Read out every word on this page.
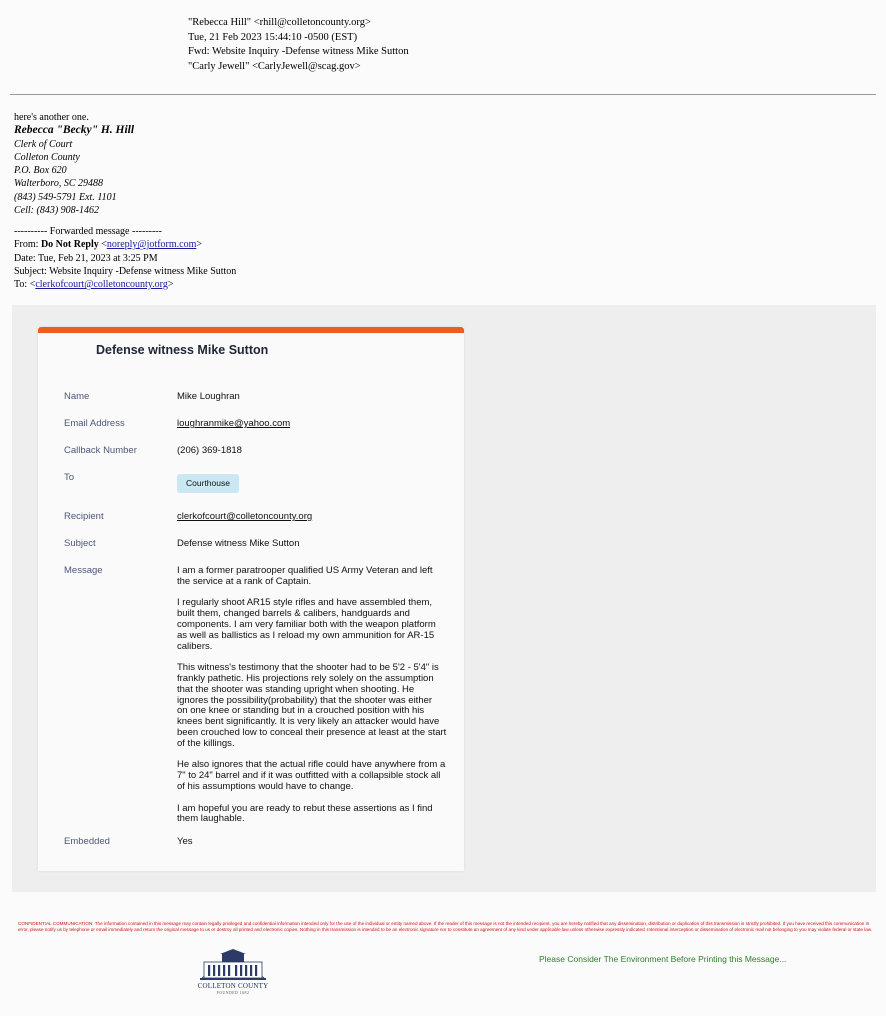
"Rebecca Hill" <rhill@colletoncounty.org>
Tue, 21 Feb 2023 15:44:10 -0500 (EST)
Fwd: Website Inquiry -Defense witness Mike Sutton
"Carly Jewell" <CarlyJewell@scag.gov>
here's another one.
Rebecca "Becky" H. Hill
Clerk of Court
Colleton County
P.O. Box 620
Walterboro, SC 29488
(843) 549-5791 Ext. 1101
Cell: (843) 908-1462
---------- Forwarded message ---------
From: Do Not Reply <noreply@jotform.com>
Date: Tue, Feb 21, 2023 at 3:25 PM
Subject: Website Inquiry -Defense witness Mike Sutton
To: <clerkofcourt@colletoncounty.org>
Defense witness Mike Sutton
Name	Mike Loughran
Email Address	loughranmike@yahoo.com
Callback Number	(206) 369-1818
To	Courthouse
Recipient	clerkofcourt@colletoncounty.org
Subject	Defense witness Mike Sutton
Message	I am a former paratrooper qualified US Army Veteran and left
the service at a rank of Captain.

I regularly shoot AR15 style rifles and have assembled them,
built them, changed barrels & calibers, handguards and
components. I am very familiar both with the weapon platform
as well as ballistics as I reload my own ammunition for AR-15
calibers.

This witness's testimony that the shooter had to be 5'2 - 5'4" is
frankly pathetic. His projections rely solely on the assumption
that the shooter was standing upright when shooting. He
ignores the possibility(probability) that the shooter was either
on one knee or standing but in a crouched position with his
knees bent significantly. It is very likely an attacker would have
been crouched low to conceal their presence at least at the start
of the killings.

He also ignores that the actual rifle could have anywhere from a
7" to 24" barrel and if it was outfitted with a collapsible stock all
of his assumptions would have to change.

I am hopeful you are ready to rebut these assertions as I find
them laughable.

Embedded	Yes
CONFIDENTIAL COMMUNICATION: The information contained in this message may contain legally privileged and confidential information intended only for the use of the individual or entity named above. If the reader of this message is not the intended recipient, you are hereby notified that any dissemination, distribution or duplication of this transmission is strictly prohibited. If you have received this communication in error, please notify us by telephone or email immediately and return the original message to us or destroy all printed and electronic copies. Nothing in this transmission is intended to be an electronic signature nor to constitute an agreement of any kind under applicable law unless otherwise expressly indicated. Intentional interception or dissemination of electronic mail not belonging to you may violate federal or state law.
COLLETON COUNTY
FOUNDED 1682
Please Consider The Environment Before Printing this Message...
